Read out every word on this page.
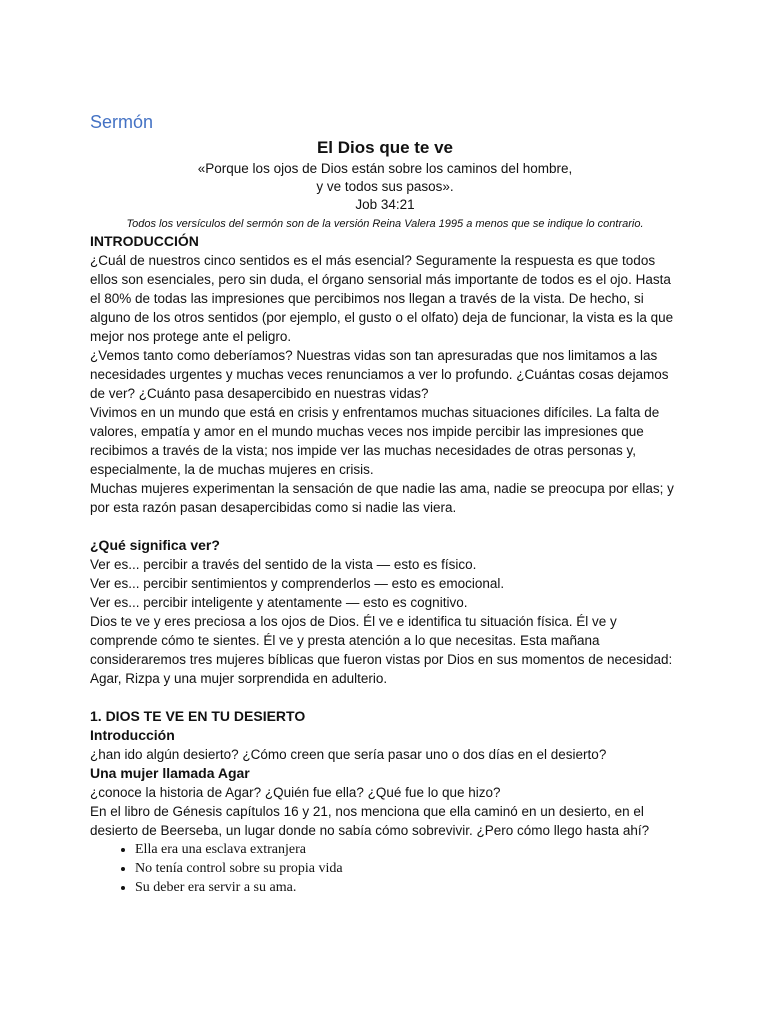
Sermón

El Dios que te ve

«Porque los ojos de Dios están sobre los caminos del hombre,

y ve todos sus pasos».

Job 34:21

Todos los versículos del sermón son de la versión Reina Valera 1995 a menos que se indique lo contrario.

INTRODUCCIÓN

¿Cuál de nuestros cinco sentidos es el más esencial? Seguramente la respuesta es que todos ellos son esenciales, pero sin duda, el órgano sensorial más importante de todos es el ojo. Hasta el 80% de todas las impresiones que percibimos nos llegan a través de la vista. De hecho, si alguno de los otros sentidos (por ejemplo, el gusto o el olfato) deja de funcionar, la vista es la que mejor nos protege ante el peligro.

¿Vemos tanto como deberíamos? Nuestras vidas son tan apresuradas que nos limitamos a las necesidades urgentes y muchas veces renunciamos a ver lo profundo. ¿Cuántas cosas dejamos de ver? ¿Cuánto pasa desapercibido en nuestras vidas?

Vivimos en un mundo que está en crisis y enfrentamos muchas situaciones difíciles. La falta de valores, empatía y amor en el mundo muchas veces nos impide percibir las impresiones que recibimos a través de la vista; nos impide ver las muchas necesidades de otras personas y, especialmente, la de muchas mujeres en crisis.

Muchas mujeres experimentan la sensación de que nadie las ama, nadie se preocupa por ellas; y por esta razón pasan desapercibidas como si nadie las viera.

¿Qué significa ver?

Ver es... percibir a través del sentido de la vista — esto es físico.

Ver es... percibir sentimientos y comprenderlos — esto es emocional.

Ver es... percibir inteligente y atentamente — esto es cognitivo.

Dios te ve y eres preciosa a los ojos de Dios. Él ve e identifica tu situación física. Él ve y comprende cómo te sientes. Él ve y presta atención a lo que necesitas. Esta mañana consideraremos tres mujeres bíblicas que fueron vistas por Dios en sus momentos de necesidad: Agar, Rizpa y una mujer sorprendida en adulterio.

1. DIOS TE VE EN TU DESIERTO

Introducción

¿han ido algún desierto? ¿Cómo creen que sería pasar uno o dos días en el desierto?

Una mujer llamada Agar

¿conoce la historia de Agar? ¿Quién fue ella? ¿Qué fue lo que hizo?

En el libro de Génesis capítulos 16 y 21, nos menciona que ella caminó en un desierto, en el desierto de Beerseba, un lugar donde no sabía cómo sobrevivir. ¿Pero cómo llego hasta ahí?

• Ella era una esclava extranjera
• No tenía control sobre su propia vida
• Su deber era servir a su ama.
